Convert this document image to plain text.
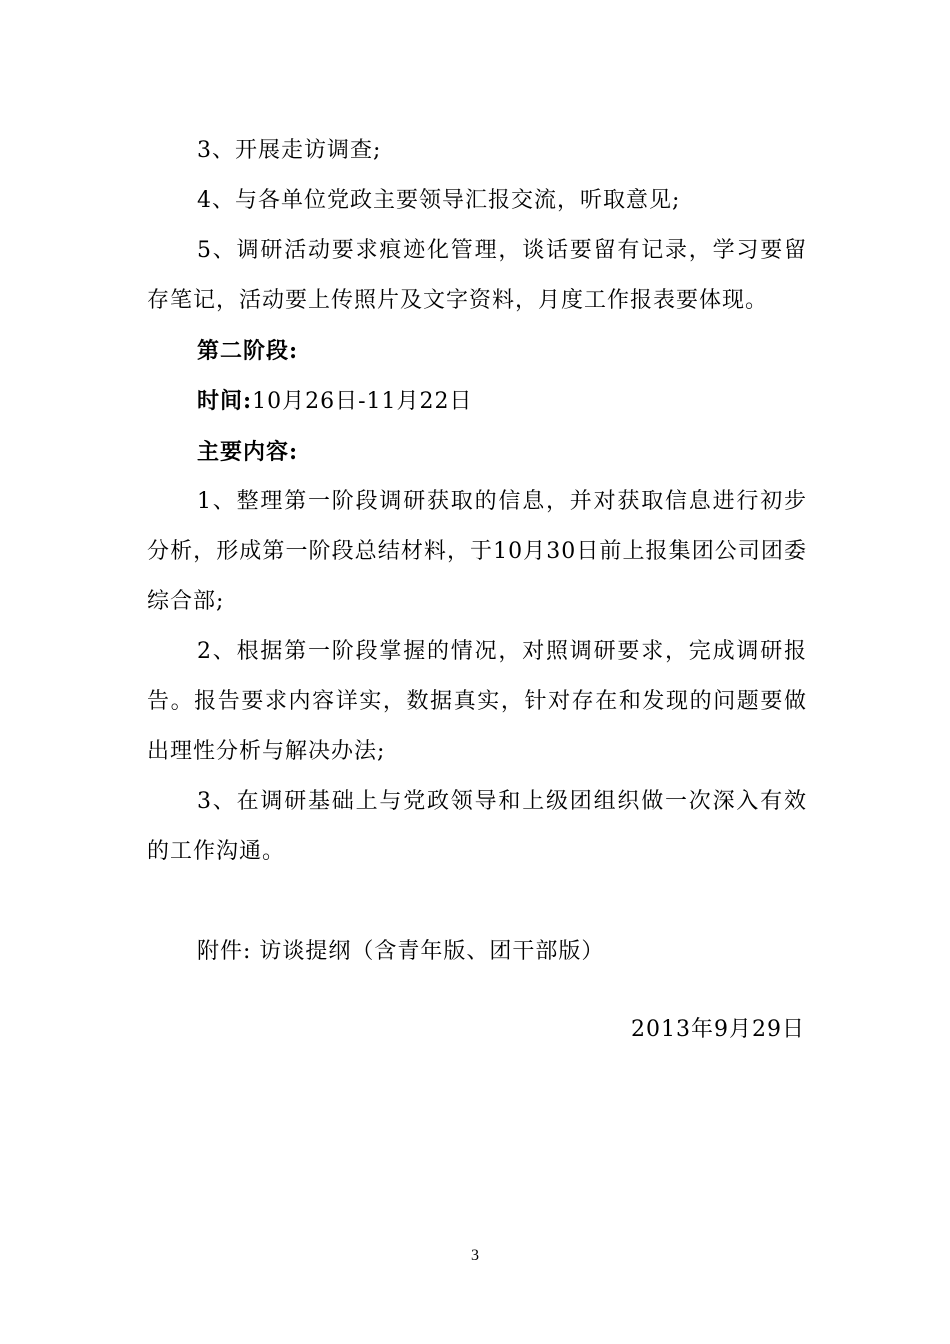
3、开展走访调查;

4、与各单位党政主要领导汇报交流，听取意见;

5、调研活动要求痕迹化管理，谈话要留有记录，学习要留存笔记，活动要上传照片及文字资料，月度工作报表要体现。

第二阶段:

时间:10月26日-11月22日

主要内容:

1、整理第一阶段调研获取的信息，并对获取信息进行初步分析，形成第一阶段总结材料，于10月30日前上报集团公司团委综合部;

2、根据第一阶段掌握的情况，对照调研要求，完成调研报告。报告要求内容详实，数据真实，针对存在和发现的问题要做出理性分析与解决办法;

3、在调研基础上与党政领导和上级团组织做一次深入有效的工作沟通。

附件: 访谈提纲（含青年版、团干部版）

2013年9月29日

3
